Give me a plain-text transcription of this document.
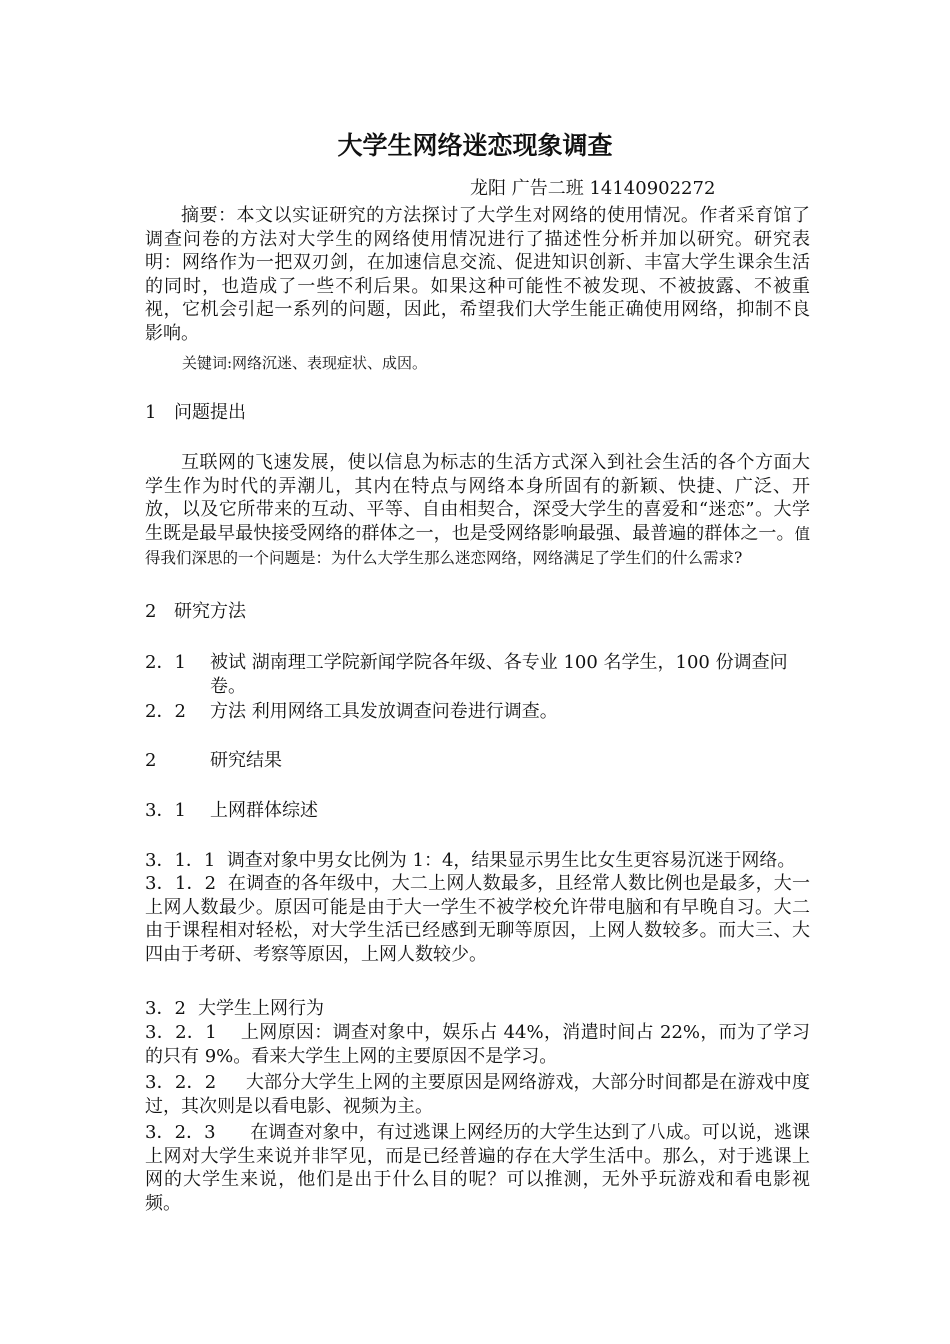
大学生网络迷恋现象调查
龙阳 广告二班 14140902272
摘要：本文以实证研究的方法探讨了大学生对网络的使用情况。作者采育馆了调查问卷的方法对大学生的网络使用情况进行了描述性分析并加以研究。研究表明：网络作为一把双刃剑，在加速信息交流、促进知识创新、丰富大学生课余生活的同时，也造成了一些不利后果。如果这种可能性不被发现、不被披露、不被重视，它机会引起一系列的问题，因此，希望我们大学生能正确使用网络，抑制不良影响。
关键词:网络沉迷、表现症状、成因。
1 问题提出
互联网的飞速发展，使以信息为标志的生活方式深入到社会生活的各个方面大学生作为时代的弄潮儿，其内在特点与网络本身所固有的新颖、快捷、广泛、开放，以及它所带来的互动、平等、自由相契合，深受大学生的喜爱和“迷恋”。大学生既是最早最快接受网络的群体之一，也是受网络影响最强、最普遍的群体之一。值得我们深思的一个问题是：为什么大学生那么迷恋网络，网络满足了学生们的什么需求?
2 研究方法
2．1 被试 湖南理工学院新闻学院各年级、各专业 100 名学生，100 份调查问卷。
2．2 方法 利用网络工具发放调查问卷进行调查。
2	研究结果
3．1 上网群体综述
3．1．1 调查对象中男女比例为 1：4，结果显示男生比女生更容易沉迷于网络。
3．1．2 在调查的各年级中，大二上网人数最多，且经常人数比例也是最多，大一上网人数最少。原因可能是由于大一学生不被学校允许带电脑和有早晚自习。大二由于课程相对轻松，对大学生活已经感到无聊等原因，上网人数较多。而大三、大四由于考研、考察等原因，上网人数较少。
3．2 大学生上网行为
3．2．1 上网原因：调查对象中，娱乐占 44%，消遣时间占 22%，而为了学习的只有 9%。看来大学生上网的主要原因不是学习。
3．2．2 大部分大学生上网的主要原因是网络游戏，大部分时间都是在游戏中度过，其次则是以看电影、视频为主。
3．2．3 在调查对象中，有过逃课上网经历的大学生达到了八成。可以说，逃课上网对大学生来说并非罕见，而是已经普遍的存在大学生活中。那么，对于逃课上网的大学生来说，他们是出于什么目的呢？可以推测，无外乎玩游戏和看电影视频。
